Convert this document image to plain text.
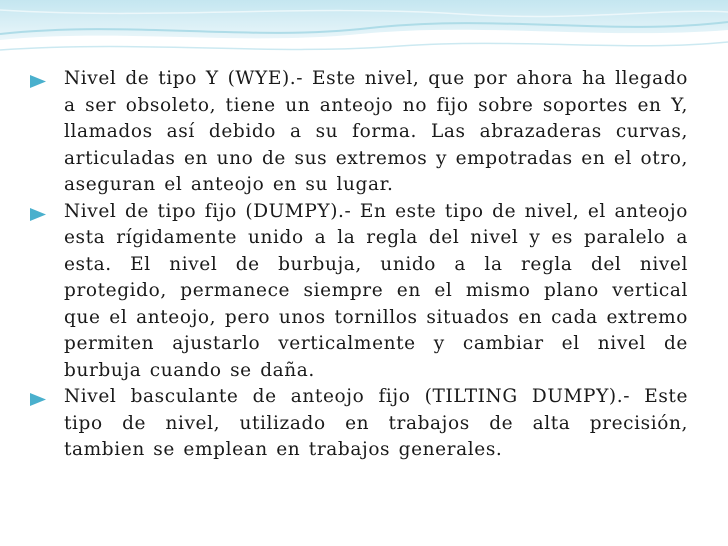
Nivel de tipo Y (WYE).- Este nivel, que por ahora ha llegado a ser obsoleto, tiene un anteojo no fijo sobre soportes en Y, llamados así debido a su forma. Las abrazaderas curvas, articuladas en uno de sus extremos y empotradas en el otro, aseguran el anteojo en su lugar.
Nivel de tipo fijo (DUMPY).- En este tipo de nivel, el anteojo esta rígidamente unido a la regla del nivel y es paralelo a esta. El nivel de burbuja, unido a la regla del nivel protegido, permanece siempre en el mismo plano vertical que el anteojo, pero unos tornillos situados en cada extremo permiten ajustarlo verticalmente y cambiar el nivel de burbuja cuando se daña.
Nivel basculante de anteojo fijo (TILTING DUMPY).- Este tipo de nivel, utilizado en trabajos de alta precisión, tambien se emplean en trabajos generales.
